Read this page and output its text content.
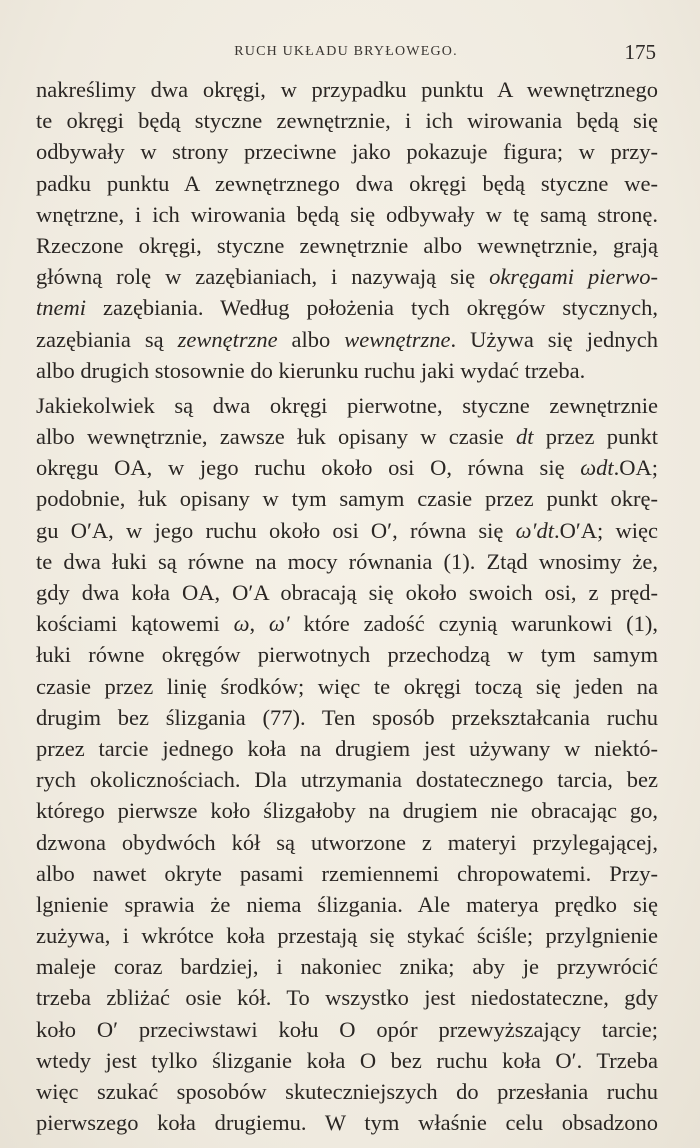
RUCH UKŁADU BRYŁOWEGO.	175
nakreślimy dwa okręgi, w przypadku punktu A wewnętrznego
te okręgi będą styczne zewnętrznie, i ich wirowania będą się
odbywały w strony przeciwne jako pokazuje figura; w przy-
padku punktu A zewnętrznego dwa okręgi będą styczne we-
wnętrzne, i ich wirowania będą się odbywały w tę samą stronę.
Rzeczone okręgi, styczne zewnętrznie albo wewnętrznie, grają
główną rolę w zazębianiach, i nazywają się okręgami pierwo-
tnemi zazębiania. Według położenia tych okręgów stycznych,
zazębiania są zewnętrzne albo wewnętrzne. Używa się jednych
albo drugich stosownie do kierunku ruchu jaki wydać trzeba.
Jakiekolwiek są dwa okręgi pierwotne, styczne zewnętrznie
albo wewnętrznie, zawsze łuk opisany w czasie dt przez punkt
okręgu OA, w jego ruchu około osi O, równa się ωdt.OA;
podobnie, łuk opisany w tym samym czasie przez punkt okrę-
gu O′A, w jego ruchu około osi O′, równa się ω′dt.O′A; więc
te dwa łuki są równe na mocy równania (1). Ztąd wnosimy że,
gdy dwa koła OA, O′A obracają się około swoich osi, z pręd-
kościami kątowemi ω, ω′ które zadość czynią warunkowi (1),
łuki równe okręgów pierwotnych przechodzą w tym samym
czasie przez linię środków; więc te okręgi toczą się jeden na
drugim bez ślizgania (77). Ten sposób przekształcania ruchu
przez tarcie jednego koła na drugiem jest używany w niektó-
rych okolicznościach. Dla utrzymania dostatecznego tarcia, bez
którego pierwsze koło ślizgałoby na drugiem nie obracając go,
dzwona obydwóch kół są utworzone z materyi przylegającej,
albo nawet okryte pasami rzemiennemi chropowatemi. Przy-
lgnienie sprawia że niema ślizgania. Ale materya prędko się
zużywa, i wkrótce koła przestają się stykać ściśle; przylgnienie
maleje coraz bardziej, i nakoniec znika; aby je przywrócić
trzeba zbliżać osie kół. To wszystko jest niedostateczne, gdy
koło O′ przeciwstawi kołu O opór przewyższający tarcie;
wtedy jest tylko ślizganie koła O bez ruchu koła O′. Trzeba
więc szukać sposobów skuteczniejszych do przesłania ruchu
pierwszego koła drugiemu. W tym właśnie celu obsadzono
